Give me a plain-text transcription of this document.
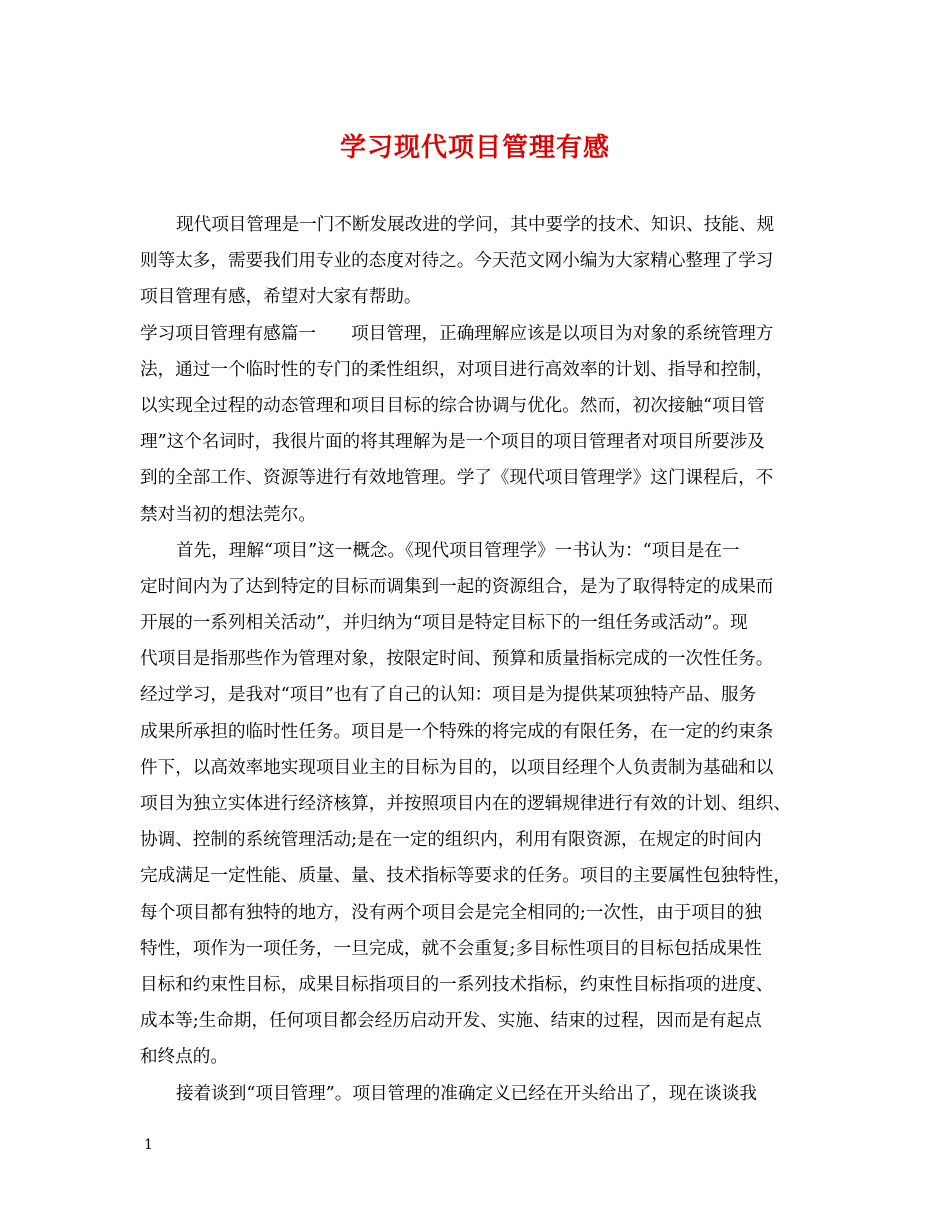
学习现代项目管理有感
现代项目管理是一门不断发展改进的学问，其中要学的技术、知识、技能、规
则等太多，需要我们用专业的态度对待之。今天范文网小编为大家精心整理了学习
项目管理有感，希望对大家有帮助。
学习项目管理有感篇一　　项目管理，正确理解应该是以项目为对象的系统管理方
法，通过一个临时性的专门的柔性组织，对项目进行高效率的计划、指导和控制，
以实现全过程的动态管理和项目目标的综合协调与优化。然而，初次接触“项目管
理”这个名词时，我很片面的将其理解为是一个项目的项目管理者对项目所要涉及
到的全部工作、资源等进行有效地管理。学了《现代项目管理学》这门课程后，不
禁对当初的想法莞尔。
首先，理解“项目”这一概念。《现代项目管理学》一书认为：“项目是在一
定时间内为了达到特定的目标而调集到一起的资源组合，是为了取得特定的成果而
开展的一系列相关活动”，并归纳为“项目是特定目标下的一组任务或活动”。现
代项目是指那些作为管理对象，按限定时间、预算和质量指标完成的一次性任务。
经过学习，是我对“项目”也有了自己的认知：项目是为提供某项独特产品、服务
成果所承担的临时性任务。项目是一个特殊的将完成的有限任务，在一定的约束条
件下，以高效率地实现项目业主的目标为目的，以项目经理个人负责制为基础和以
项目为独立实体进行经济核算，并按照项目内在的逻辑规律进行有效的计划、组织、
协调、控制的系统管理活动;是在一定的组织内，利用有限资源，在规定的时间内
完成满足一定性能、质量、量、技术指标等要求的任务。项目的主要属性包独特性，
每个项目都有独特的地方，没有两个项目会是完全相同的;一次性，由于项目的独
特性，项作为一项任务，一旦完成，就不会重复;多目标性项目的目标包括成果性
目标和约束性目标，成果目标指项目的一系列技术指标，约束性目标指项的进度、
成本等;生命期，任何项目都会经历启动开发、实施、结束的过程，因而是有起点
和终点的。
接着谈到“项目管理”。项目管理的准确定义已经在开头给出了，现在谈谈我
1
